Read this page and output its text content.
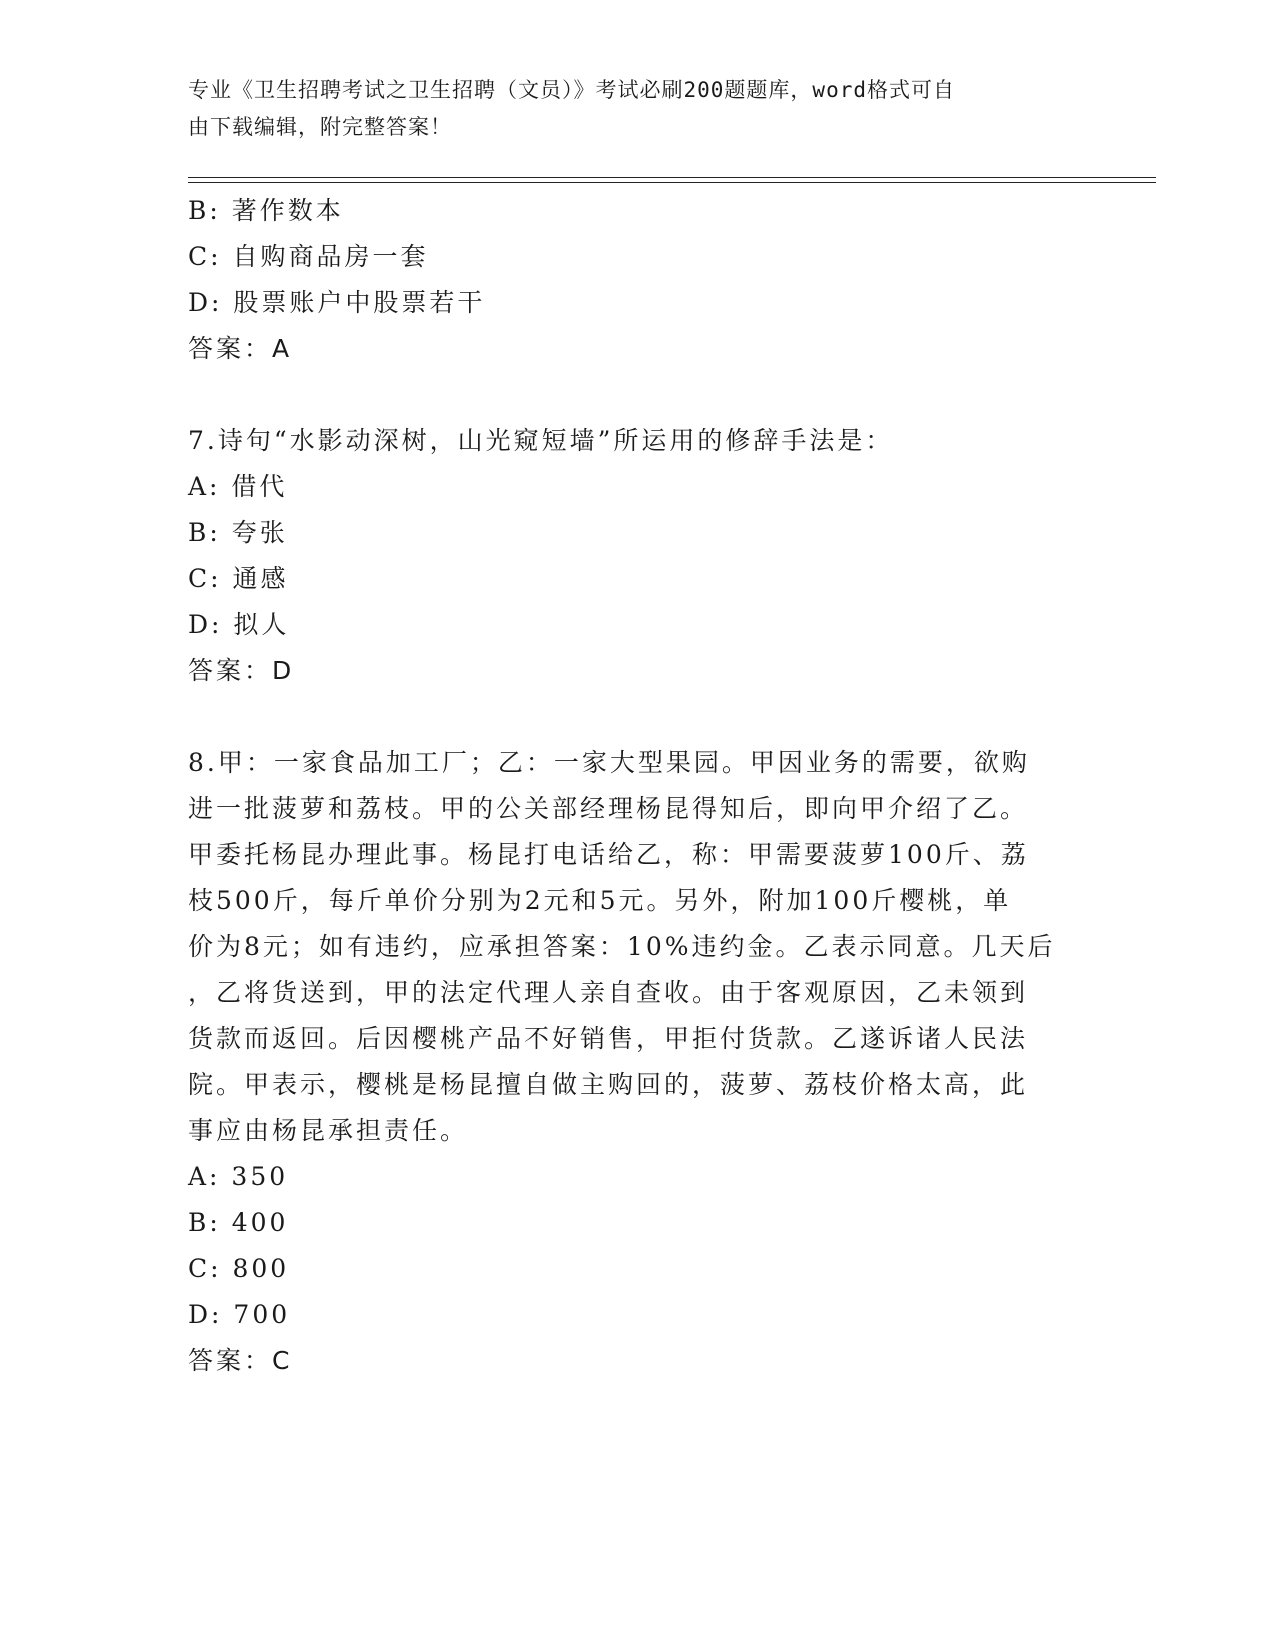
专业《卫生招聘考试之卫生招聘（文员）》考试必刷200题题库，word格式可自
由下载编辑，附完整答案！
B: 著作数本
C: 自购商品房一套
D: 股票账户中股票若干
答案：A
7.诗句“水影动深树，山光窥短墙”所运用的修辞手法是：
A: 借代
B: 夸张
C: 通感
D: 拟人
答案：D
8.甲：一家食品加工厂；乙：一家大型果园。甲因业务的需要，欲购
进一批菠萝和荔枝。甲的公关部经理杨昆得知后，即向甲介绍了乙。
甲委托杨昆办理此事。杨昆打电话给乙，称：甲需要菠萝100斤、荔
枝500斤，每斤单价分别为2元和5元。另外，附加100斤樱桃，单
价为8元；如有违约，应承担答案：10%违约金。乙表示同意。几天后
，乙将货送到，甲的法定代理人亲自查收。由于客观原因，乙未领到
货款而返回。后因樱桃产品不好销售，甲拒付货款。乙遂诉诸人民法
院。甲表示，樱桃是杨昆擅自做主购回的，菠萝、荔枝价格太高，此
事应由杨昆承担责任。
A: 350
B: 400
C: 800
D: 700
答案：C
